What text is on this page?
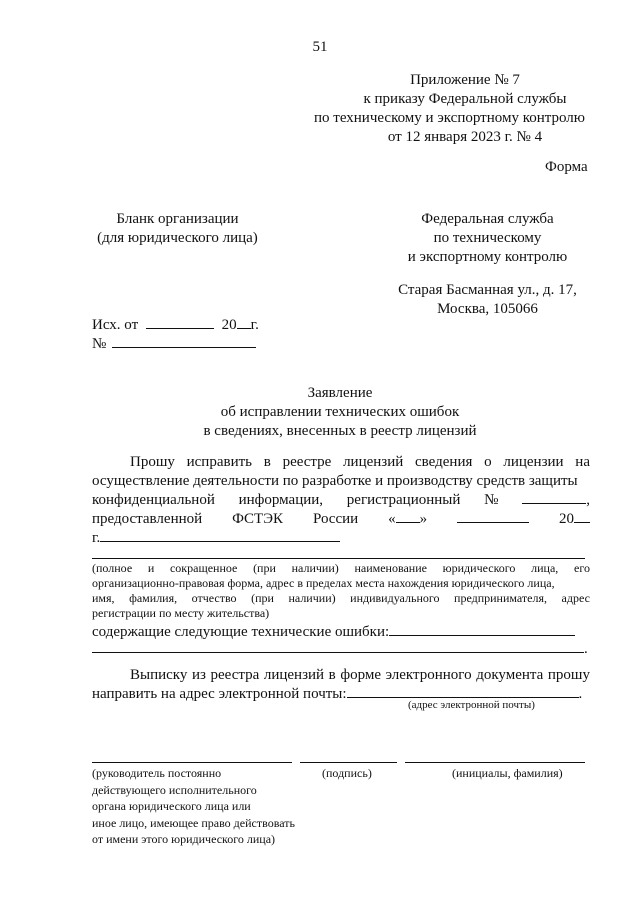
51
Приложение № 7
к приказу Федеральной службы
по техническому и экспортному контролю
от 12 января 2023 г. № 4
Форма
Бланк организации
(для юридического лица)
Федеральная служба
по техническому
и экспортному контролю
Старая Басманная ул., д. 17,
Москва, 105066
Исх. от	20 г.
№
Заявление
об исправлении технических ошибок
в сведениях, внесенных в реестр лицензий
Прошу исправить в реестре лицензий сведения о лицензии на
осуществление деятельности по разработке и производству средств защиты
конфиденциальной информации, регистрационный №	,
предоставленной ФСТЭК России « »	20
г.
(полное и сокращенное (при наличии) наименование юридического лица, его
организационно-правовая форма, адрес в пределах места нахождения юридического лица,
имя, фамилия, отчество (при наличии) индивидуального предпринимателя, адрес
регистрации по месту жительства)
содержащие следующие технические ошибки:
.
Выписку из реестра лицензий в форме электронного документа прошу
направить на адрес электронной почты:	.
(адрес электронной почты)
(руководитель постоянно
действующего исполнительного
органа юридического лица или
иное лицо, имеющее право действовать
от имени этого юридического лица)
(подпись)	(инициалы, фамилия)
